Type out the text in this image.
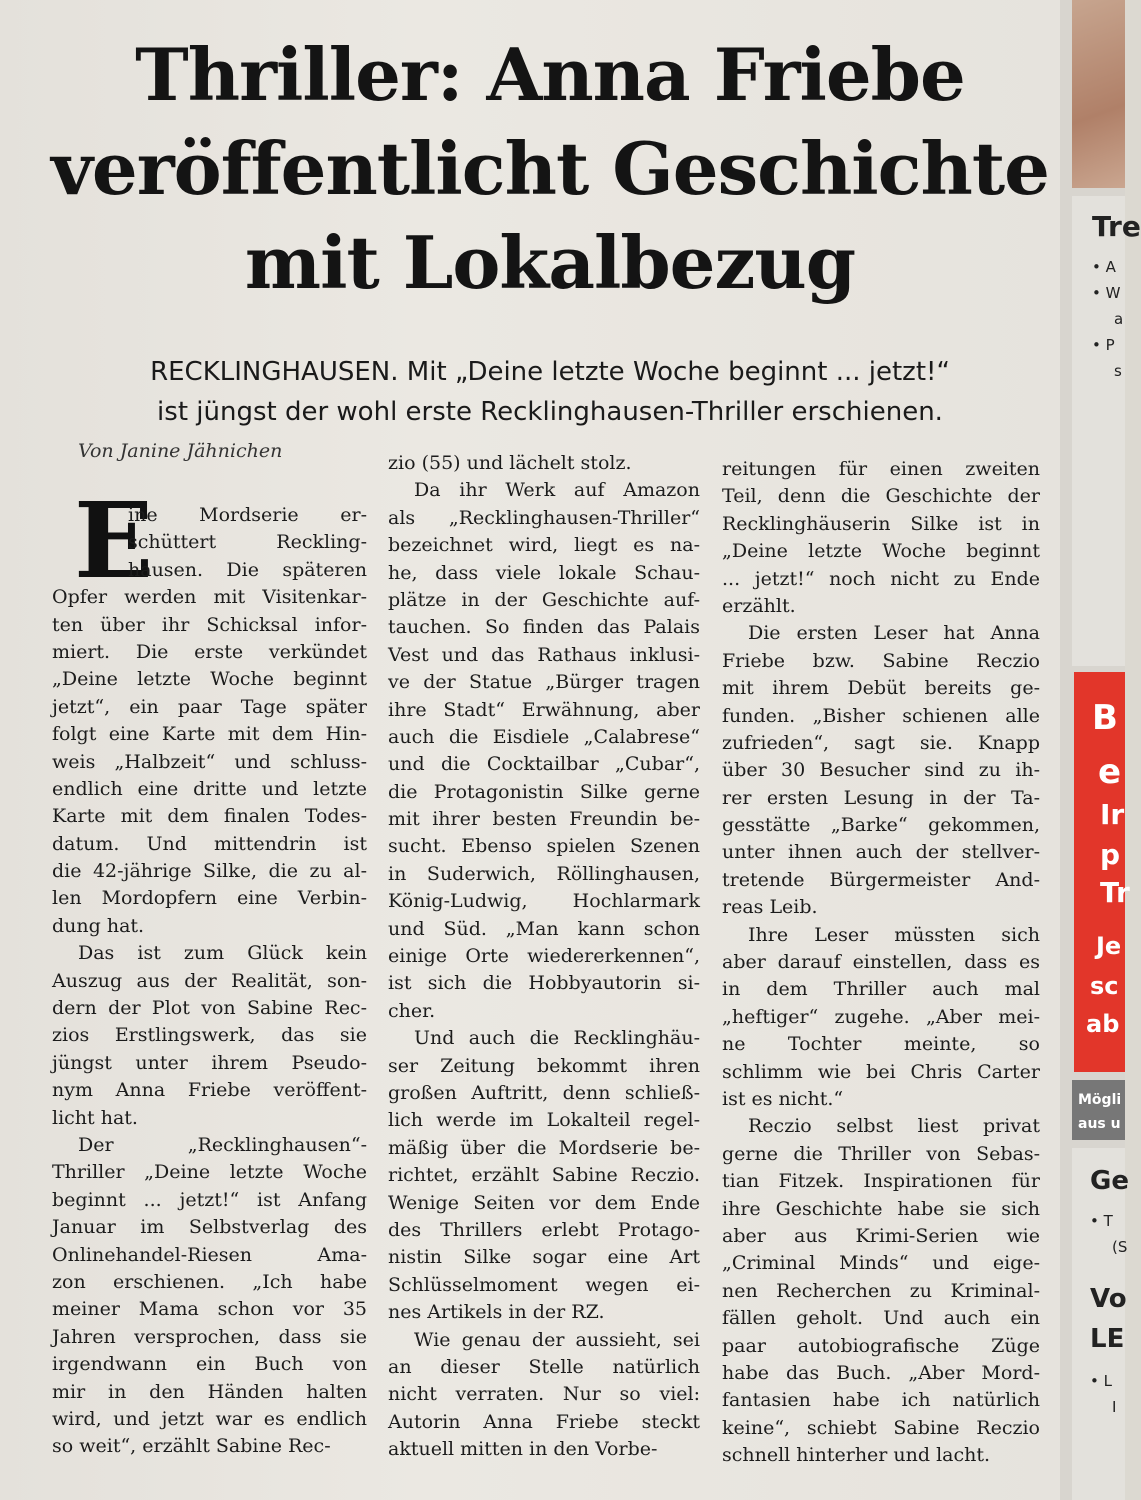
Thriller: Anna Friebe
veröffentlicht Geschichte
mit Lokalbezug
RECKLINGHAUSEN. Mit „Deine letzte Woche beginnt ... jetzt!“
ist jüngst der wohl erste Recklinghausen-Thriller erschienen.
Von Janine Jähnichen
E
ine Mordserie er-
schüttert Reckling-
hausen. Die späteren
Opfer werden mit Visitenkar-
ten über ihr Schicksal infor-
miert. Die erste verkündet
„Deine letzte Woche beginnt
jetzt“, ein paar Tage später
folgt eine Karte mit dem Hin-
weis „Halbzeit“ und schluss-
endlich eine dritte und letzte
Karte mit dem finalen Todes-
datum. Und mittendrin ist
die 42-jährige Silke, die zu al-
len Mordopfern eine Verbin-
dung hat.
Das ist zum Glück kein
Auszug aus der Realität, son-
dern der Plot von Sabine Rec-
zios Erstlingswerk, das sie
jüngst unter ihrem Pseudo-
nym Anna Friebe veröffent-
licht hat.
Der „Recklinghausen“-
Thriller „Deine letzte Woche
beginnt ... jetzt!“ ist Anfang
Januar im Selbstverlag des
Onlinehandel-Riesen Ama-
zon erschienen. „Ich habe
meiner Mama schon vor 35
Jahren versprochen, dass sie
irgendwann ein Buch von
mir in den Händen halten
wird, und jetzt war es endlich
so weit“, erzählt Sabine Rec-
zio (55) und lächelt stolz.
Da ihr Werk auf Amazon
als „Recklinghausen-Thriller“
bezeichnet wird, liegt es na-
he, dass viele lokale Schau-
plätze in der Geschichte auf-
tauchen. So finden das Palais
Vest und das Rathaus inklusi-
ve der Statue „Bürger tragen
ihre Stadt“ Erwähnung, aber
auch die Eisdiele „Calabrese“
und die Cocktailbar „Cubar“,
die Protagonistin Silke gerne
mit ihrer besten Freundin be-
sucht. Ebenso spielen Szenen
in Suderwich, Röllinghausen,
König-Ludwig, Hochlarmark
und Süd. „Man kann schon
einige Orte wiedererkennen“,
ist sich die Hobbyautorin si-
cher.
Und auch die Recklinghäu-
ser Zeitung bekommt ihren
großen Auftritt, denn schließ-
lich werde im Lokalteil regel-
mäßig über die Mordserie be-
richtet, erzählt Sabine Reczio.
Wenige Seiten vor dem Ende
des Thrillers erlebt Protago-
nistin Silke sogar eine Art
Schlüsselmoment wegen ei-
nes Artikels in der RZ.
Wie genau der aussieht, sei
an dieser Stelle natürlich
nicht verraten. Nur so viel:
Autorin Anna Friebe steckt
aktuell mitten in den Vorbe-
reitungen für einen zweiten
Teil, denn die Geschichte der
Recklinghäuserin Silke ist in
„Deine letzte Woche beginnt
... jetzt!“ noch nicht zu Ende
erzählt.
Die ersten Leser hat Anna
Friebe bzw. Sabine Reczio
mit ihrem Debüt bereits ge-
funden. „Bisher schienen alle
zufrieden“, sagt sie. Knapp
über 30 Besucher sind zu ih-
rer ersten Lesung in der Ta-
gesstätte „Barke“ gekommen,
unter ihnen auch der stellver-
tretende Bürgermeister And-
reas Leib.
Ihre Leser müssten sich
aber darauf einstellen, dass es
in dem Thriller auch mal
„heftiger“ zugehe. „Aber mei-
ne Tochter meinte, so
schlimm wie bei Chris Carter
ist es nicht.“
Reczio selbst liest privat
gerne die Thriller von Sebas-
tian Fitzek. Inspirationen für
ihre Geschichte habe sie sich
aber aus Krimi-Serien wie
„Criminal Minds“ und eige-
nen Recherchen zu Kriminal-
fällen geholt. Und auch ein
paar autobiografische Züge
habe das Buch. „Aber Mord-
fantasien habe ich natürlich
keine“, schiebt Sabine Reczio
schnell hinterher und lacht.
Tre
• A
• W
a
• P
s
B
e
Ir
p
Tr
Je
sc
ab
Mögli
aus u
Ge
• T
(S
Vo
LE
• L
I
